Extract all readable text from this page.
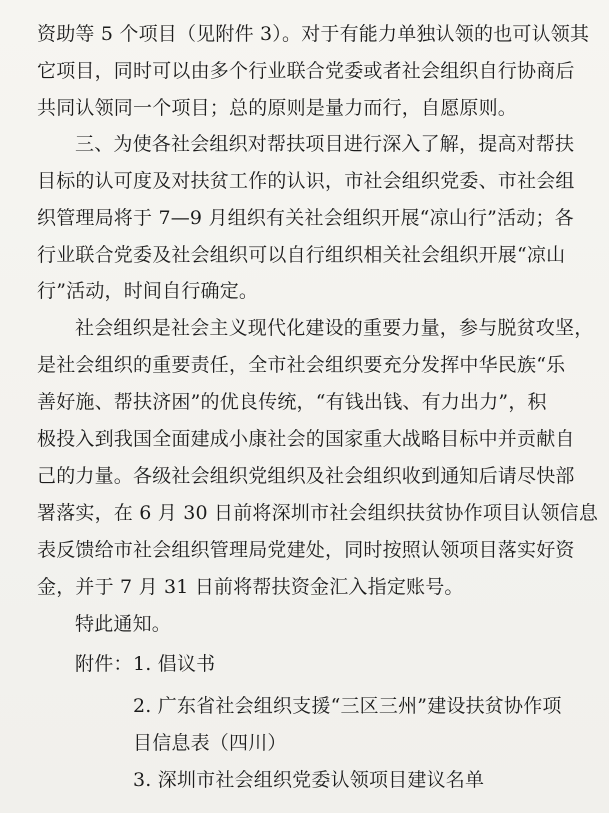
资助等 5 个项目（见附件 3）。对于有能力单独认领的也可认领其
它项目，同时可以由多个行业联合党委或者社会组织自行协商后
共同认领同一个项目；总的原则是量力而行，自愿原则。
三、为使各社会组织对帮扶项目进行深入了解，提高对帮扶
目标的认可度及对扶贫工作的认识，市社会组织党委、市社会组
织管理局将于 7—9 月组织有关社会组织开展“凉山行”活动；各
行业联合党委及社会组织可以自行组织相关社会组织开展“凉山
行”活动，时间自行确定。
社会组织是社会主义现代化建设的重要力量，参与脱贫攻坚，
是社会组织的重要责任，全市社会组织要充分发挥中华民族“乐
善好施、帮扶济困”的优良传统，“有钱出钱、有力出力”，积
极投入到我国全面建成小康社会的国家重大战略目标中并贡献自
己的力量。各级社会组织党组织及社会组织收到通知后请尽快部
署落实，在 6 月 30 日前将深圳市社会组织扶贫协作项目认领信息
表反馈给市社会组织管理局党建处，同时按照认领项目落实好资
金，并于 7 月 31 日前将帮扶资金汇入指定账号。
特此通知。
附件： 1. 倡议书
2. 广东省社会组织支援“三区三州”建设扶贫协作项
目信息表（四川）
3. 深圳市社会组织党委认领项目建议名单
